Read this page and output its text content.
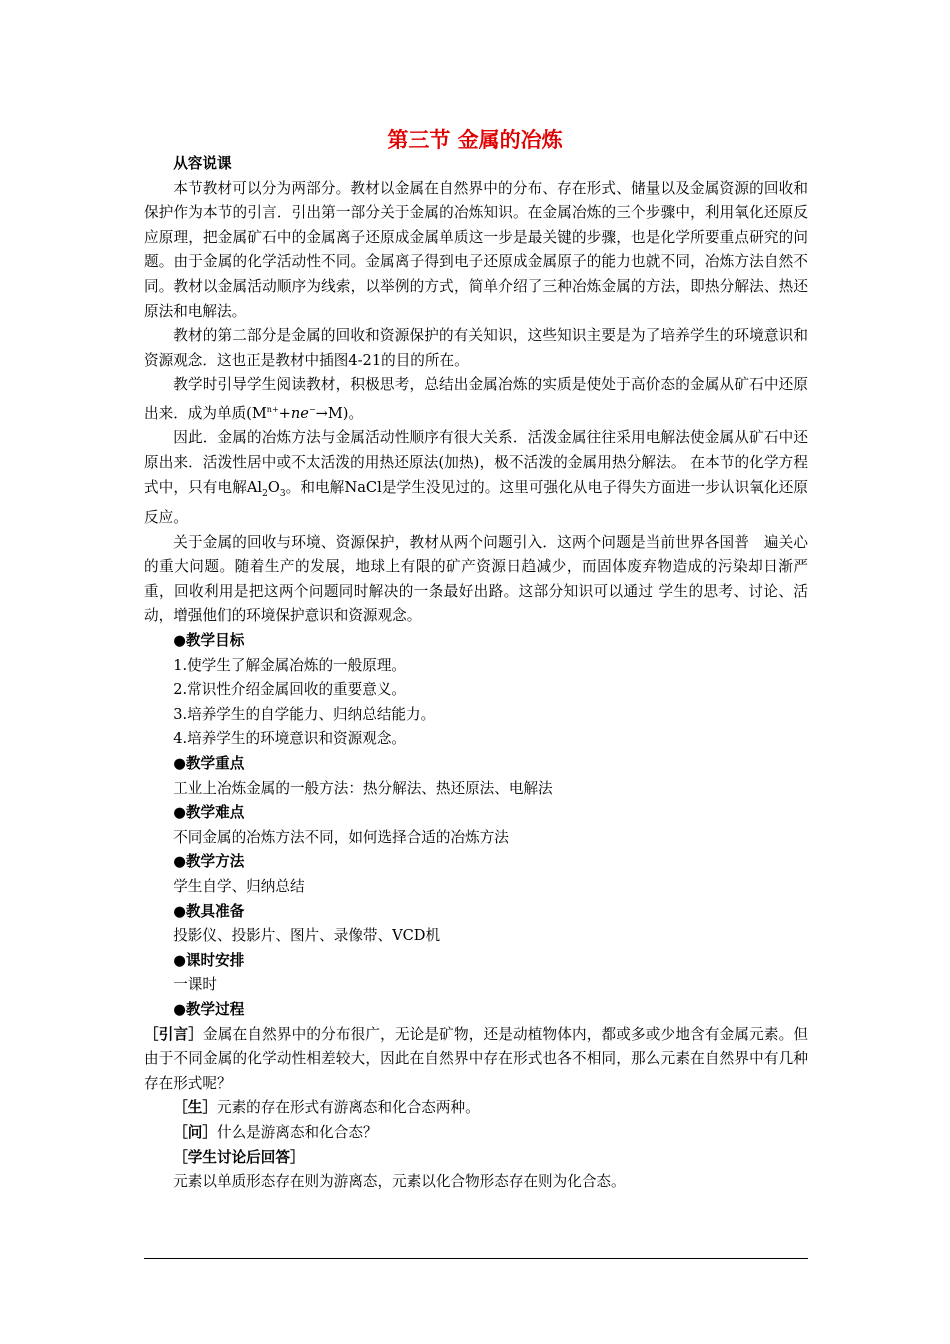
第三节 金属的冶炼

从容说课

本节教材可以分为两部分。教材以金属在自然界中的分布、存在形式、储量以及金属资源的回收和保护作为本节的引言．引出第一部分关于金属的冶炼知识。在金属冶炼的三个步骤中，利用氧化还原反应原理，把金属矿石中的金属离子还原成金属单质这一步是最关键的步骤，也是化学所要重点研究的问题。由于金属的化学活动性不同。金属离子得到电子还原成金属原子的能力也就不同，冶炼方法自然不同。教材以金属活动顺序为线索，以举例的方式，简单介绍了三种冶炼金属的方法，即热分解法、热还原法和电解法。

教材的第二部分是金属的回收和资源保护的有关知识，这些知识主要是为了培养学生的环境意识和资源观念．这也正是教材中插图4-21的目的所在。

教学时引导学生阅读教材，积极思考，总结出金属冶炼的实质是使处于高价态的金属从矿石中还原出来．成为单质$(M^{n+}+ne^-\to M)$。

因此．金属的冶炼方法与金属活动性顺序有很大关系．活泼金属往往采用电解法使金属从矿石中还原出来．活泼性居中或不太活泼的用热还原法(加热)，极不活泼的金属用热分解法。 在本节的化学方程式中，只有电解$Al_2O_3$。和电解NaCl是学生没见过的。这里可强化从电子得失方面进一步认识氧化还原反应。

关于金属的回收与环境、资源保护，教材从两个问题引入．这两个问题是当前世界各国普　遍关心的重大问题。随着生产的发展，地球上有限的矿产资源日趋减少，而固体废弃物造成的污染却日渐严重，回收利用是把这两个问题同时解决的一条最好出路。这部分知识可以通过 学生的思考、讨论、活动，增强他们的环境保护意识和资源观念。

●教学目标

1.使学生了解金属冶炼的一般原理。

2.常识性介绍金属回收的重要意义。

3.培养学生的自学能力、归纳总结能力。

4.培养学生的环境意识和资源观念。

●教学重点

工业上冶炼金属的一般方法：热分解法、热还原法、电解法

●教学难点

不同金属的冶炼方法不同，如何选择合适的冶炼方法

●教学方法

学生自学、归纳总结

●教具准备

投影仪、投影片、图片、录像带、VCD机

●课时安排

一课时

●教学过程

［引言］金属在自然界中的分布很广，无论是矿物，还是动植物体内，都或多或少地含有金属元素。但由于不同金属的化学动性相差较大，因此在自然界中存在形式也各不相同，那么元素在自然界中有几种存在形式呢？

［生］元素的存在形式有游离态和化合态两种。

［问］什么是游离态和化合态？

［学生讨论后回答］

元素以单质形态存在则为游离态，元素以化合物形态存在则为化合态。
